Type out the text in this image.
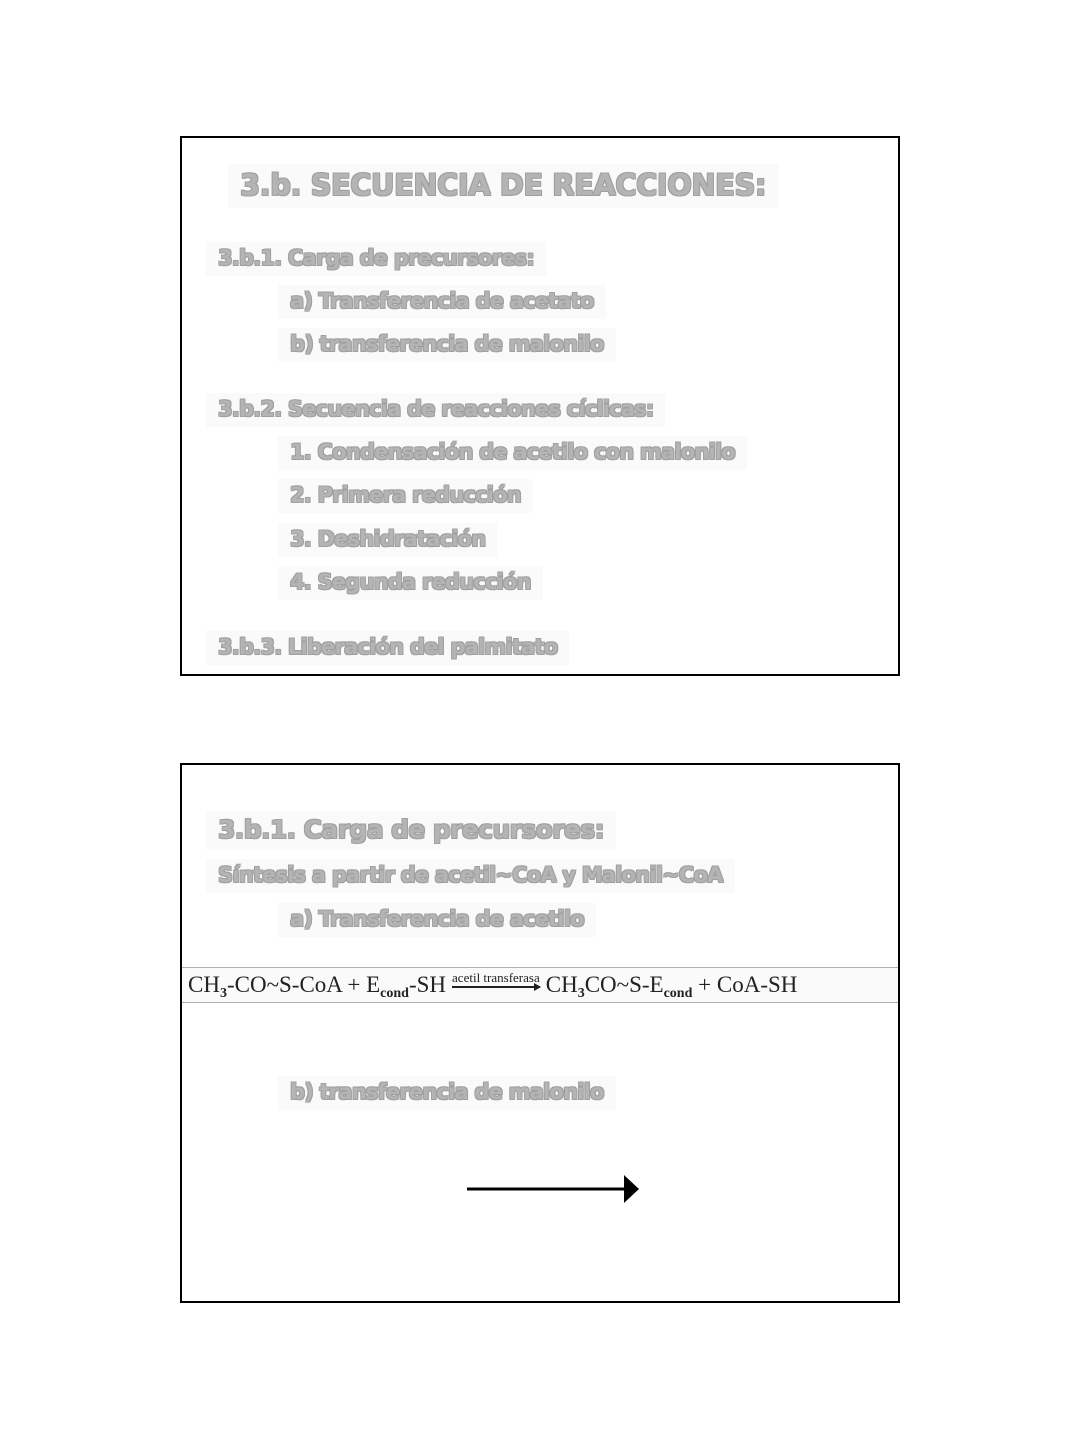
3.b. SECUENCIA DE REACCIONES:
3.b.1. Carga de precursores:
a) Transferencia de acetato
b) transferencia de malonilo
3.b.2. Secuencia de reacciones cíclicas:
1. Condensación de acetilo con malonilo
2. Primera reducción
3. Deshidratación
4. Segunda reducción
3.b.3. Liberación del palmitato
3.b.1. Carga de precursores:
Síntesis a partir de acetil~CoA y Malonil~CoA
a) Transferencia de acetilo
$CH_3-CO\sim S$-CoA + $E_{cond}-SH$ acetil transferasa $CH_3CO\sim S-E_{cond} + CoA-SH$
b) transferencia de malonilo
